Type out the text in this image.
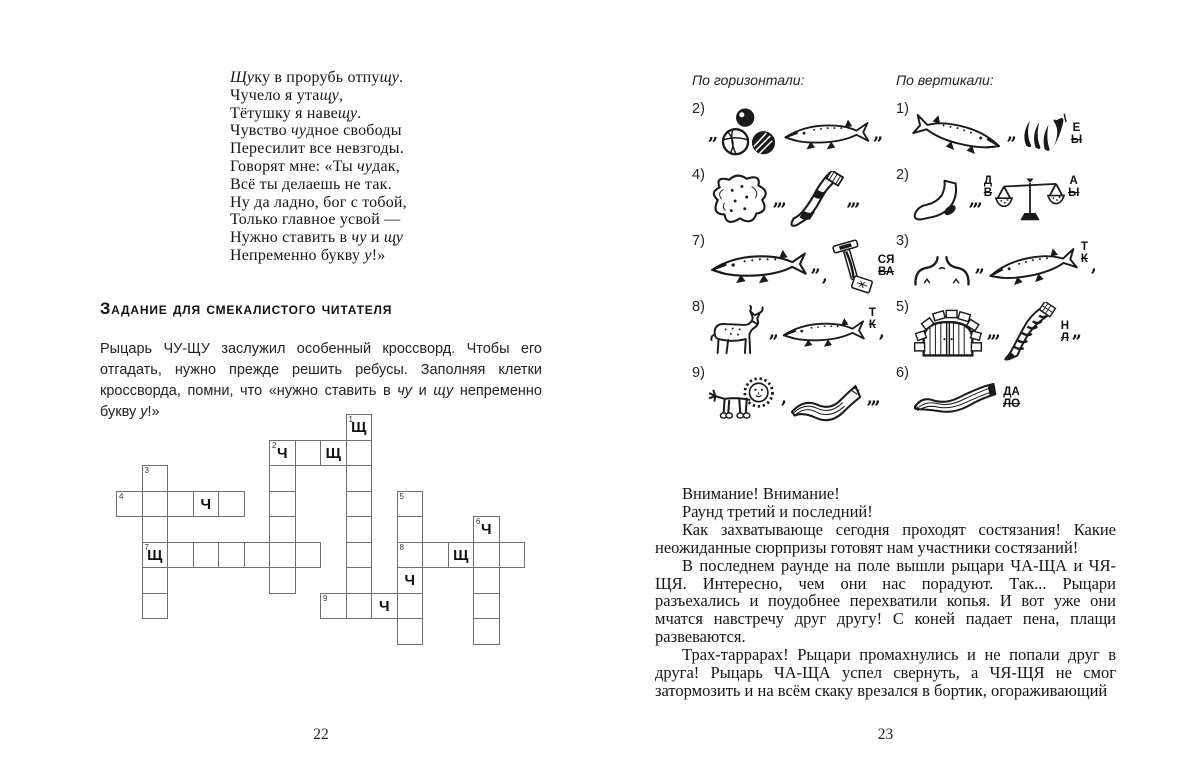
Щуку в прорубь отпущу.
Чучело я утащу,
Тётушку я навещу.
Чувство чудное свободы
Пересилит все невзгоды.
Говорят мне: «Ты чудак,
Всё ты делаешь не так.
Ну да ладно, бог с тобой,
Только главное усвой —
Нужно ставить в чу и щу
Непременно букву у!»
Задание для смекалистого читателя

Рыцарь ЧУ-ЩУ заслужил особенный кроссворд. Чтобы его отгадать, нужно прежде решить ребусы. Заполняя клетки кроссворда, помни, что «нужно ставить в чу и щу непременно букву у!»	1
Щ
2 Ч	Щ
3
4	Ч	5
6 Ч
7
Щ	8	Щ
Ч
9	Ч
22

По горизонтали:

2)
„	,,
4)
,,,	,,,
7)
,, ,
СЯ
ВА
8)
,,
Т
К ,
9)
,	,,,

По вертикали:

1)
,,	Е
Ы
2)
,,,
Д
В
А
Ы
3)
,,
Т
К ,
5)
,,,	Н
Л ,,
6)
ДА
ЛО

Внимание! Внимание!

Раунд третий и последний!

Как захватывающе сегодня проходят состязания! Какие неожиданные сюрпризы готовят нам участники состязаний!

В последнем раунде на поле вышли рыцари ЧА-ЩА и ЧЯ-ЩЯ. Интересно, чем они нас порадуют. Так... Рыцари разъехались и поудобнее перехватили копья. И вот уже они мчатся навстречу друг другу! С коней падает пена, плащи развеваются.

Трах-таррарах! Рыцари промахнулись и не попали друг в друга! Рыцарь ЧА-ЩА успел свернуть, а ЧЯ-ЩЯ не смог затормозить и на всём скаку врезался в бортик, огораживающий

23
